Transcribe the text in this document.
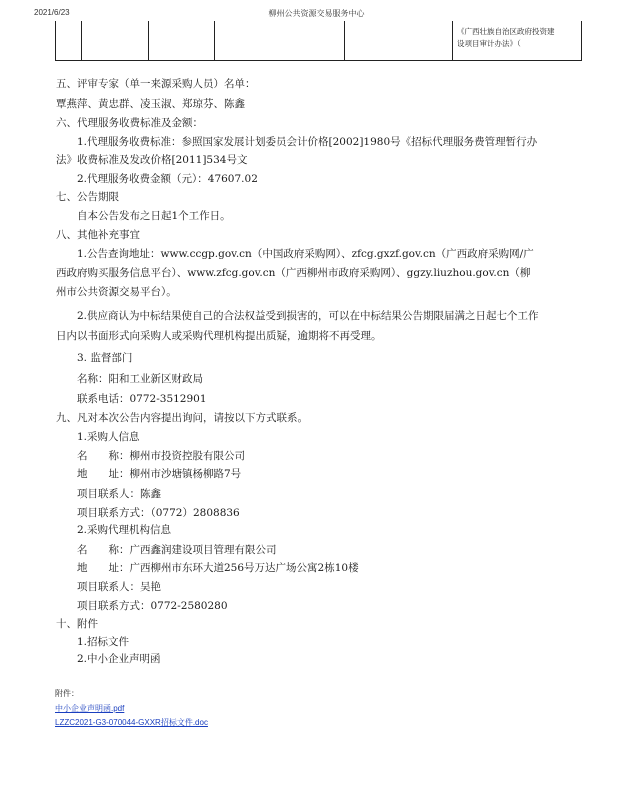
2021/6/23	柳州公共资源交易服务中心
《广西壮族自治区政府投资建
设项目审计办法》（
五、评审专家（单一来源采购人员）名单：
覃燕萍、黄忠群、凌玉淑、郑琼芬、陈鑫
六、代理服务收费标准及金额：
1.代理服务收费标准：参照国家发展计划委员会计价格[2002]1980号《招标代理服务费管理暂行办
法》收费标准及发改价格[2011]534号文
2.代理服务收费金额（元）：47607.02
七、公告期限
自本公告发布之日起1个工作日。
八、其他补充事宜
1.公告查询地址：www.ccgp.gov.cn（中国政府采购网）、zfcg.gxzf.gov.cn（广西政府采购网/广
西政府购买服务信息平台）、www.zfcg.gov.cn（广西柳州市政府采购网）、ggzy.liuzhou.gov.cn（柳
州市公共资源交易平台）。
2.供应商认为中标结果使自己的合法权益受到损害的，可以在中标结果公告期限届满之日起七个工作
日内以书面形式向采购人或采购代理机构提出质疑，逾期将不再受理。
3. 监督部门
名称：阳和工业新区财政局
联系电话：0772-3512901
九、凡对本次公告内容提出询问，请按以下方式联系。
1.采购人信息
名　　称：柳州市投资控股有限公司
地　　址：柳州市沙塘镇杨柳路7号
项目联系人：陈鑫
项目联系方式：（0772）2808836
2.采购代理机构信息
名　　称：广西鑫润建设项目管理有限公司
地　　址：广西柳州市东环大道256号万达广场公寓2栋10楼
项目联系人：吴艳
项目联系方式：0772-2580280
十、附件
1.招标文件
2.中小企业声明函
附件：
中小企业声明函.pdf
LZZC2021-G3-070044-GXXR招标文件.doc
